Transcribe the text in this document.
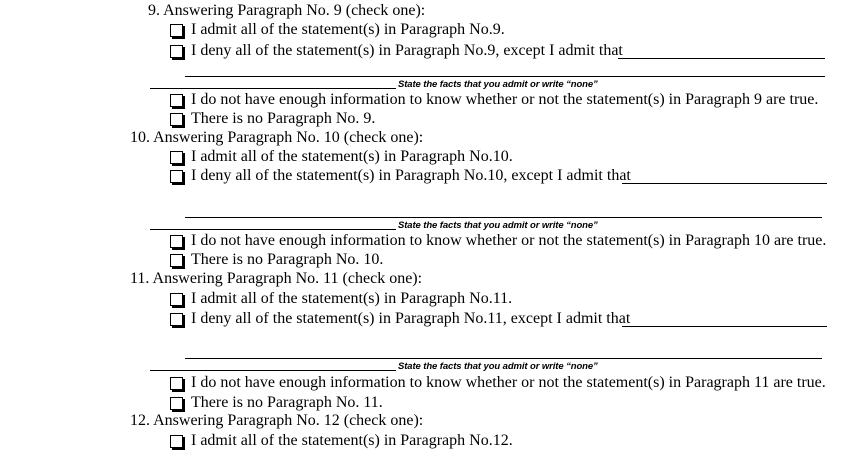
9. Answering Paragraph No. 9 (check one):
I admit all of the statement(s) in Paragraph No.9.
I deny all of the statement(s) in Paragraph No.9, except I admit that
State the facts that you admit or write “none”
I do not have enough information to know whether or not the statement(s) in Paragraph 9 are true.
There is no Paragraph No. 9.
10. Answering Paragraph No. 10 (check one):
I admit all of the statement(s) in Paragraph No.10.
I deny all of the statement(s) in Paragraph No.10, except I admit that
State the facts that you admit or write “none”
I do not have enough information to know whether or not the statement(s) in Paragraph 10 are true.
There is no Paragraph No. 10.
11. Answering Paragraph No. 11 (check one):
I admit all of the statement(s) in Paragraph No.11.
I deny all of the statement(s) in Paragraph No.11, except I admit that
State the facts that you admit or write “none”
I do not have enough information to know whether or not the statement(s) in Paragraph 11 are true.
There is no Paragraph No. 11.
12. Answering Paragraph No. 12 (check one):
I admit all of the statement(s) in Paragraph No.12.
